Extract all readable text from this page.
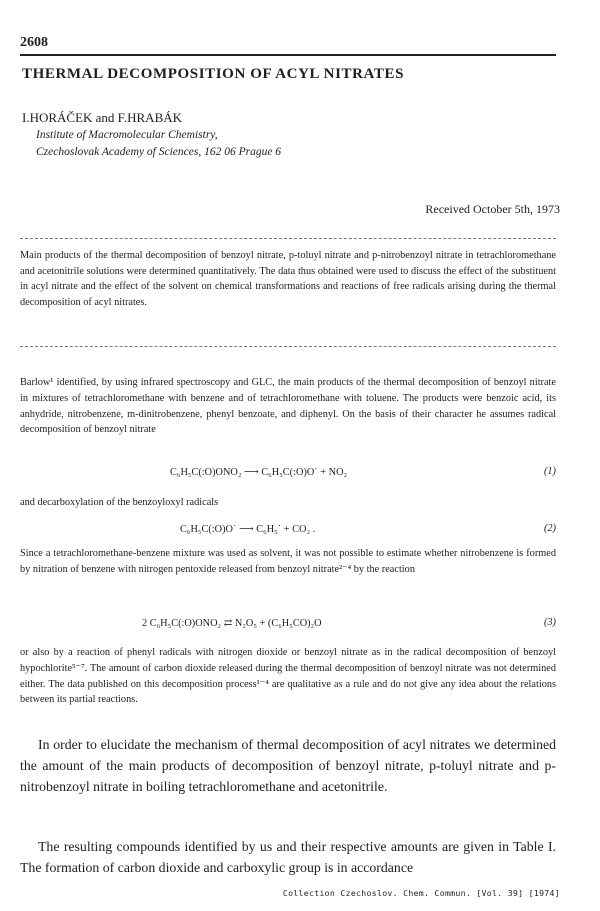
2608
THERMAL DECOMPOSITION OF ACYL NITRATES
I.HORÁČEK and F.HRABÁK
Institute of Macromolecular Chemistry,
Czechoslovak Academy of Sciences, 162 06 Prague 6
Received October 5th, 1973
Main products of the thermal decomposition of benzoyl nitrate, p-toluyl nitrate and p-nitrobenzoyl nitrate in tetrachloromethane and acetonitrile solutions were determined quantitatively. The data thus obtained were used to discuss the effect of the substituent in acyl nitrate and the effect of the solvent on chemical transformations and reactions of free radicals arising during the thermal decomposition of acyl nitrates.

Barlow¹ identified, by using infrared spectroscopy and GLC, the main products of the thermal decomposition of benzoyl nitrate in mixtures of tetrachloromethane with benzene and of tetrachloromethane with toluene. The products were benzoic acid, its anhydride, nitrobenzene, m-dinitrobenzene, phenyl benzoate, and diphenyl. On the basis of their character he assumes radical decomposition of benzoyl nitrate

C₆H₅C(:O)ONO₂ ⟶ C₆H₅C(:O)O˙ + NO₂	(1)

and decarboxylation of the benzoyloxyl radicals

C₆H₅C(:O)O˙ ⟶ C₆H₅˙ + CO₂ .	(2)

Since a tetrachloromethane-benzene mixture was used as solvent, it was not possible to estimate whether nitrobenzene is formed by nitration of benzene with nitrogen pentoxide released from benzoyl nitrate²⁻⁴ by the reaction

2 C₆H₅C(:O)ONO₂ ⇄ N₂O₅ + (C₆H₅CO)₂O	(3)

or also by a reaction of phenyl radicals with nitrogen dioxide or benzoyl nitrate as in the radical decomposition of benzoyl hypochlorite⁵⁻⁷. The amount of carbon dioxide released during the thermal decomposition of benzoyl nitrate was not determined either. The data published on this decomposition process¹⁻⁴ are qualitative as a rule and do not give any idea about the relations between its partial reactions.

In order to elucidate the mechanism of thermal decomposition of acyl nitrates we determined the amount of the main products of decomposition of benzoyl nitrate, p-toluyl nitrate and p-nitrobenzoyl nitrate in boiling tetrachloromethane and acetonitrile.

The resulting compounds identified by us and their respective amounts are given in Table I. The formation of carbon dioxide and carboxylic group is in accordance

Collection Czechoslov. Chem. Commun. [Vol. 39] [1974]
